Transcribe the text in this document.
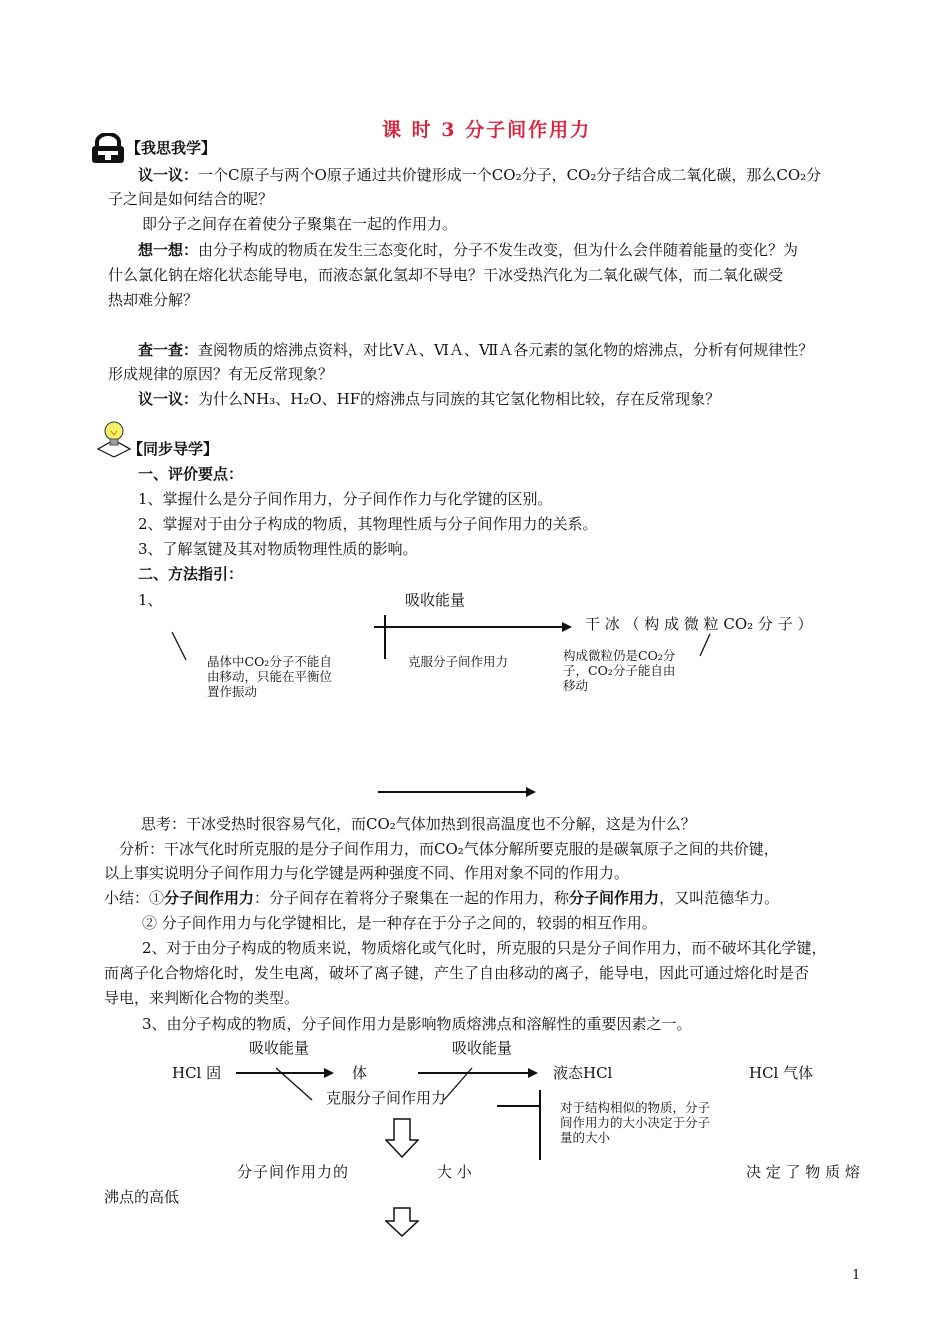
课 时 3 分子间作用力
【我思我学】
议一议：一个C原子与两个O原子通过共价键形成一个CO₂分子，CO₂分子结合成二氧化碳，那么CO₂分
子之间是如何结合的呢？
即分子之间存在着使分子聚集在一起的作用力。
想一想：由分子构成的物质在发生三态变化时，分子不发生改变，但为什么会伴随着能量的变化？为
什么氯化钠在熔化状态能导电，而液态氯化氢却不导电？干冰受热汽化为二氧化碳气体，而二氧化碳受
热却难分解？
查一查：查阅物质的熔沸点资料，对比ⅤＡ、ⅥＡ、ⅦＡ各元素的氢化物的熔沸点，分析有何规律性？
形成规律的原因？有无反常现象？
议一议：为什么NH₃、H₂O、HF的熔沸点与同族的其它氢化物相比较，存在反常现象？
【同步导学】
一、评价要点：
1、掌握什么是分子间作用力，分子间作作力与化学键的区别。
2、掌握对于由分子构成的物质，其物理性质与分子间作用力的关系。
3、了解氢键及其对物质物理性质的影响。
二、方法指引：
1、	吸收能量
干 冰 （ 构 成 微 粒 CO₂ 分 子 ）
晶体中CO₂分子不能自由移动，只能在平衡位置作振动
克服分子间作用力	构成微粒仍是CO₂分子，CO₂分子能自由移动
思考：干冰受热时很容易气化，而CO₂气体加热到很高温度也不分解，这是为什么？
分析：干冰气化时所克服的是分子间作用力，而CO₂气体分解所要克服的是碳氧原子之间的共价键，
以上事实说明分子间作用力与化学键是两种强度不同、作用对象不同的作用力。
小结：①分子间作用力：分子间存在着将分子聚集在一起的作用力，称分子间作用力，又叫范德华力。
② 分子间作用力与化学键相比，是一种存在于分子之间的，较弱的相互作用。
2、对于由分子构成的物质来说，物质熔化或气化时，所克服的只是分子间作用力，而不破坏其化学键，
而离子化合物熔化时，发生电离，破坏了离子键，产生了自由移动的离子，能导电，因此可通过熔化时是否
导电，来判断化合物的类型。
3、由分子构成的物质，分子间作用力是影响物质熔沸点和溶解性的重要因素之一。
吸收能量	吸收能量
HCl 固	体	液态HCl	HCl 气体
克服分子间作用力
对于结构相似的物质，分子间作用力的大小决定于分子量的大小
分子间作用力的	大 小	决 定 了 物 质 熔
沸点的高低
1
